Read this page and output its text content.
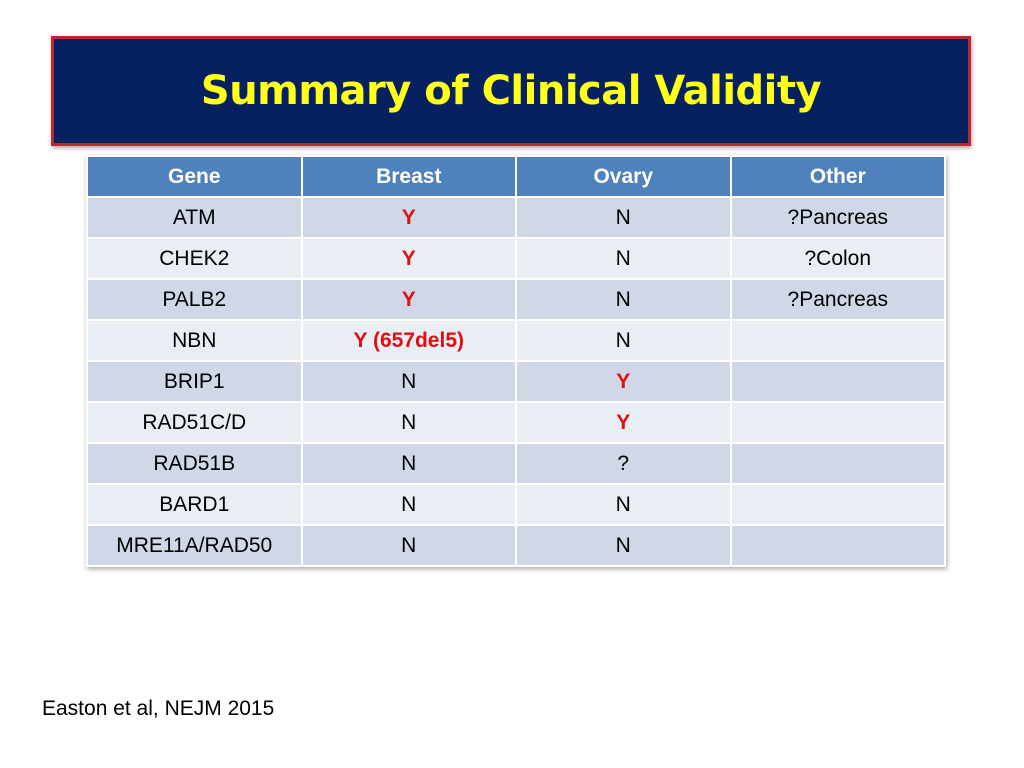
Summary of Clinical Validity
Gene	Breast	Ovary	Other
ATM	Y	N	?Pancreas
CHEK2	Y	N	?Colon
PALB2	Y	N	?Pancreas
NBN	Y (657del5)	N	
BRIP1	N	Y	
RAD51C/D	N	Y	
RAD51B	N	?	
BARD1	N	N	
MRE11A/RAD50	N	N	
Easton et al, NEJM 2015
